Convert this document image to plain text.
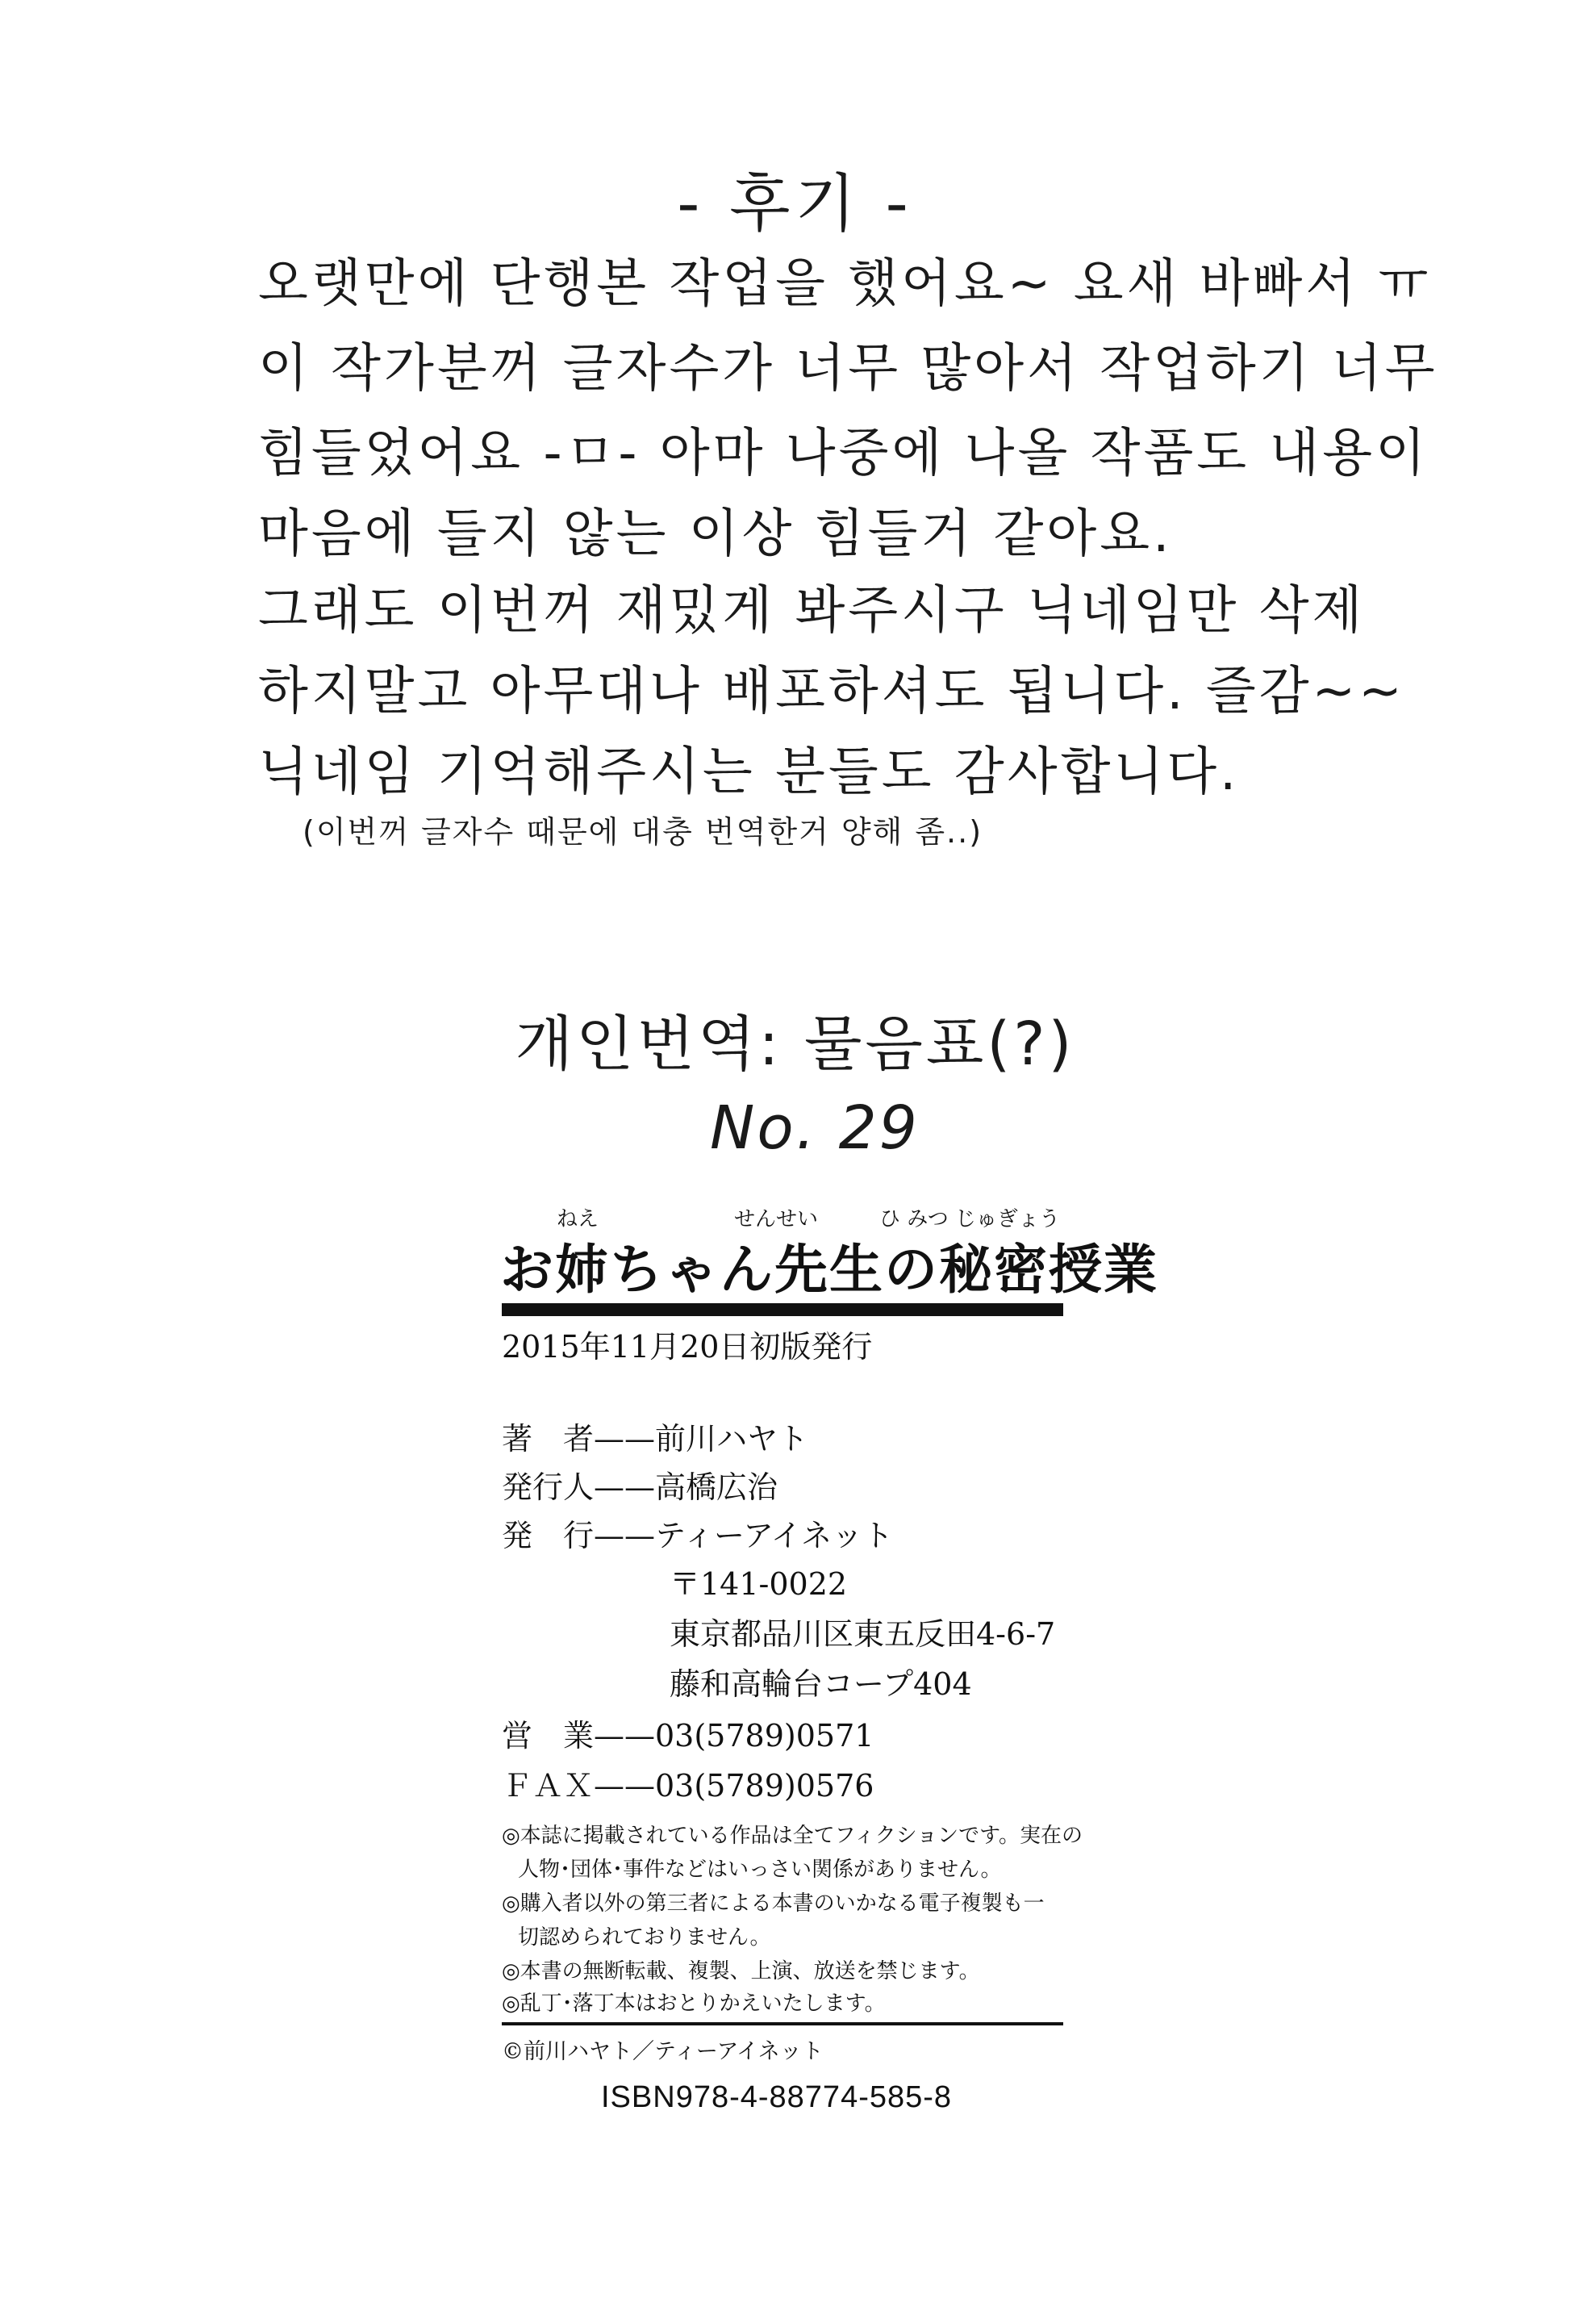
- 후기 -
오랫만에 단행본 작업을 했어요~ 요새 바빠서 ㅠ
이 작가분꺼 글자수가 너무 많아서 작업하기 너무
힘들었어요 -ㅁ- 아마 나중에 나올 작품도 내용이
마음에 들지 않는 이상 힘들거 같아요.
그래도 이번꺼 재밌게 봐주시구 닉네임만 삭제
하지말고 아무대나 배포하셔도 됩니다. 즐감~~
닉네임 기억해주시는 분들도 감사합니다.
(이번꺼 글자수 때문에 대충 번역한거 양해 좀..)
개인번역: 물음표(?)
No. 29
ねえ	せんせい	ひ みつ じゅぎょう
お姉ちゃん先生の秘密授業
2015年11月20日初版発行
著　者——前川ハヤト
発行人——高橋広治
発　行——ティーアイネット
〒141-0022
東京都品川区東五反田4-6-7
藤和高輪台コープ404
営　業——03(5789)0571
ＦＡＸ——03(5789)0576
◎本誌に掲載されている作品は全てフィクションです。実在の
人物･団体･事件などはいっさい関係がありません。
◎購入者以外の第三者による本書のいかなる電子複製も一
切認められておりません。
◎本書の無断転載、複製、上演、放送を禁じます。
◎乱丁･落丁本はおとりかえいたします。
©前川ハヤト／ティーアイネット
ISBN978-4-88774-585-8
